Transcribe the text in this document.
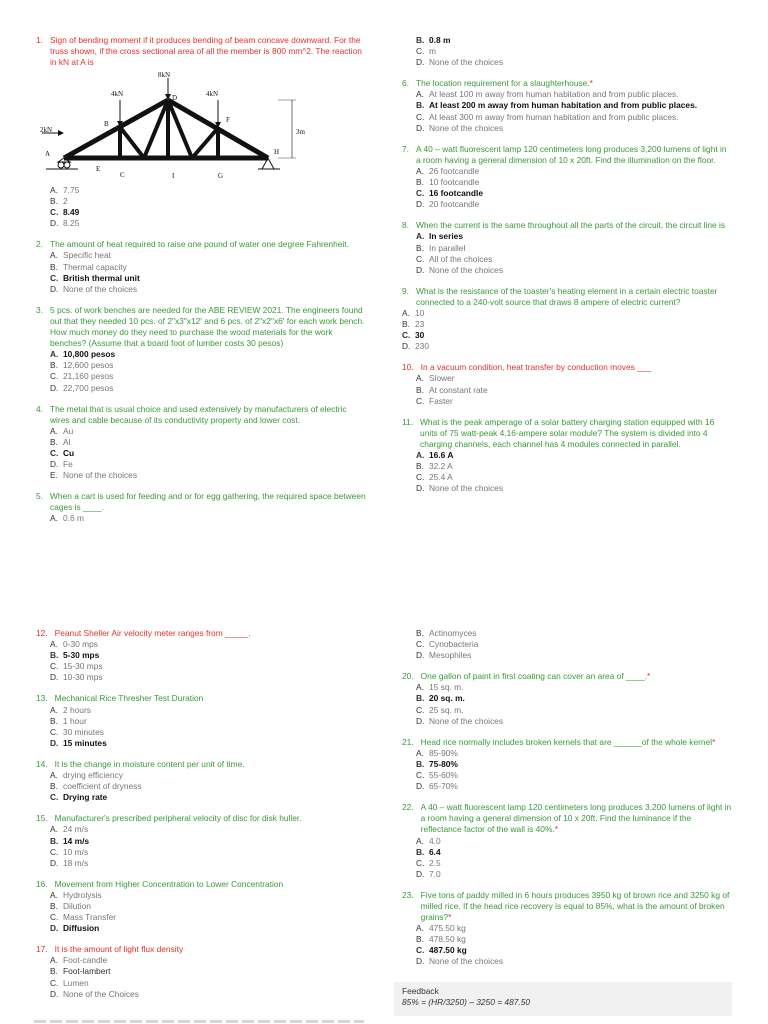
1. Sign of bending moment if it produces bending of beam concave downward. For the truss shown, if the cross sectional area of all the member is 800 mm^2. The reaction in kN at A is
8kN
4kN	4kN
2kN
A
B
C
D
E
F
G
H
I
3m
A. 7.75
B. 2
C. 8.49
D. 8.25
2. The amount of heat required to raise one pound of water one degree Fahrenheit.
A. Specific heat
B. Thermal capacity
C. British thermal unit
D. None of the choices
3. 5 pcs. of work benches are needed for the ABE REVIEW 2021. The engineers found out that they needed 10 pcs. of 2"x3"x12' and 6 pcs. of 2"x2"x6' for each work bench. How much money do they need to purchase the wood materials for the work benches? (Assume that a board foot of lumber costs 30 pesos)
A. 10,800 pesos
B. 12,600 pesos
C. 21,160 pesos
D. 22,700 pesos
4. The metal that is usual choice and used extensively by manufacturers of electric wires and cable because of its conductivity property and lower cost.
A. Au
B. Al
C. Cu
D. Fe
E. None of the choices
5. When a cart is used for feeding and or for egg gathering, the required space between cages is ____.
A. 0.6 m
B. 0.8 m
C. m
D. None of the choices
6. The location requirement for a slaughterhouse.*
A. At least 100 m away from human habitation and from public places.
B. At least 200 m away from human habitation and from public places.
C. At least 300 m away from human habitation and from public places.
D. None of the choices
7. A 40 – watt fluorescent lamp 120 centimeters long produces 3,200 lumens of light in a room having a general dimension of 10 x 20ft. Find the illumination on the floor.
A. 26 footcandle
B. 10 footcandle
C. 16 footcandle
D. 20 footcandle
8. When the current is the same throughout all the parts of the circuit, the circuit line is
A. In series
B. In parallel
C. All of the choices
D. None of the choices
9. What is the resistance of the toaster's heating element in a certain electric toaster connected to a 240-volt source that draws 8 ampere of electric current?
A. 10
B. 23
C. 30
D. 230
10. In a vacuum condition, heat transfer by conduction moves ___
A. Slower
B. At constant rate
C. Faster
11. What is the peak amperage of a solar battery charging station equipped with 16 units of 75 watt-peak 4.16-ampere solar module? The system is divided into 4 charging channels, each channel has 4 modules connected in parallel.
A. 16.6 A
B. 32.2 A
C. 25.4 A
D. None of the choices
12. Peanut Sheller Air velocity meter ranges from _____.
A. 0-30 mps
B. 5-30 mps
C. 15-30 mps
D. 10-30 mps
13. Mechanical Rice Thresher Test Duration
A. 2 hours
B. 1 hour
C. 30 minutes
D. 15 minutes
14. It is the change in moisture content per unit of time.
A. drying efficiency
B. coefficient of dryness
C. Drying rate
15. Manufacturer's prescribed peripheral velocity of disc for disk huller.
A. 24 m/s
B. 14 m/s
C. 10 m/s
D. 18 m/s
16. Movement from Higher Concentration to Lower Concentration
A. Hydrolysis
B. Dilution
C. Mass Transfer
D. Diffusion
17. It is the amount of light flux density
A. Foot-candle
B. Foot-lambert
C. Lumen
D. None of the Choices
B. Actinomyces
C. Cynobacteria
D. Mesophiles
20. One gallon of paint in first coating can cover an area of ____.*
A. 15 sq. m.
B. 20 sq. m.
C. 25 sq. m.
D. None of the choices
21. Head rice normally includes broken kernels that are ______of the whole kernel*
A. 85-90%
B. 75-80%
C. 55-60%
D. 65-70%
22. A 40 – watt fluorescent lamp 120 centimeters long produces 3,200 lumens of light in a room having a general dimension of 10 x 20ft. Find the luminance if the reflectance factor of the wall is 40%.*
A. 4.0
B. 6.4
C. 2.5
D. 7.0
23. Five tons of paddy milled in 6 hours produces 3950 kg of brown rice and 3250 kg of milled rice. If the head rice recovery is equal to 85%, what is the amount of broken grains?*
A. 475.50 kg
B. 478.50 kg
C. 487.50 kg
D. None of the choices
Feedback
85% = (HR/3250) – 3250 = 487.50
